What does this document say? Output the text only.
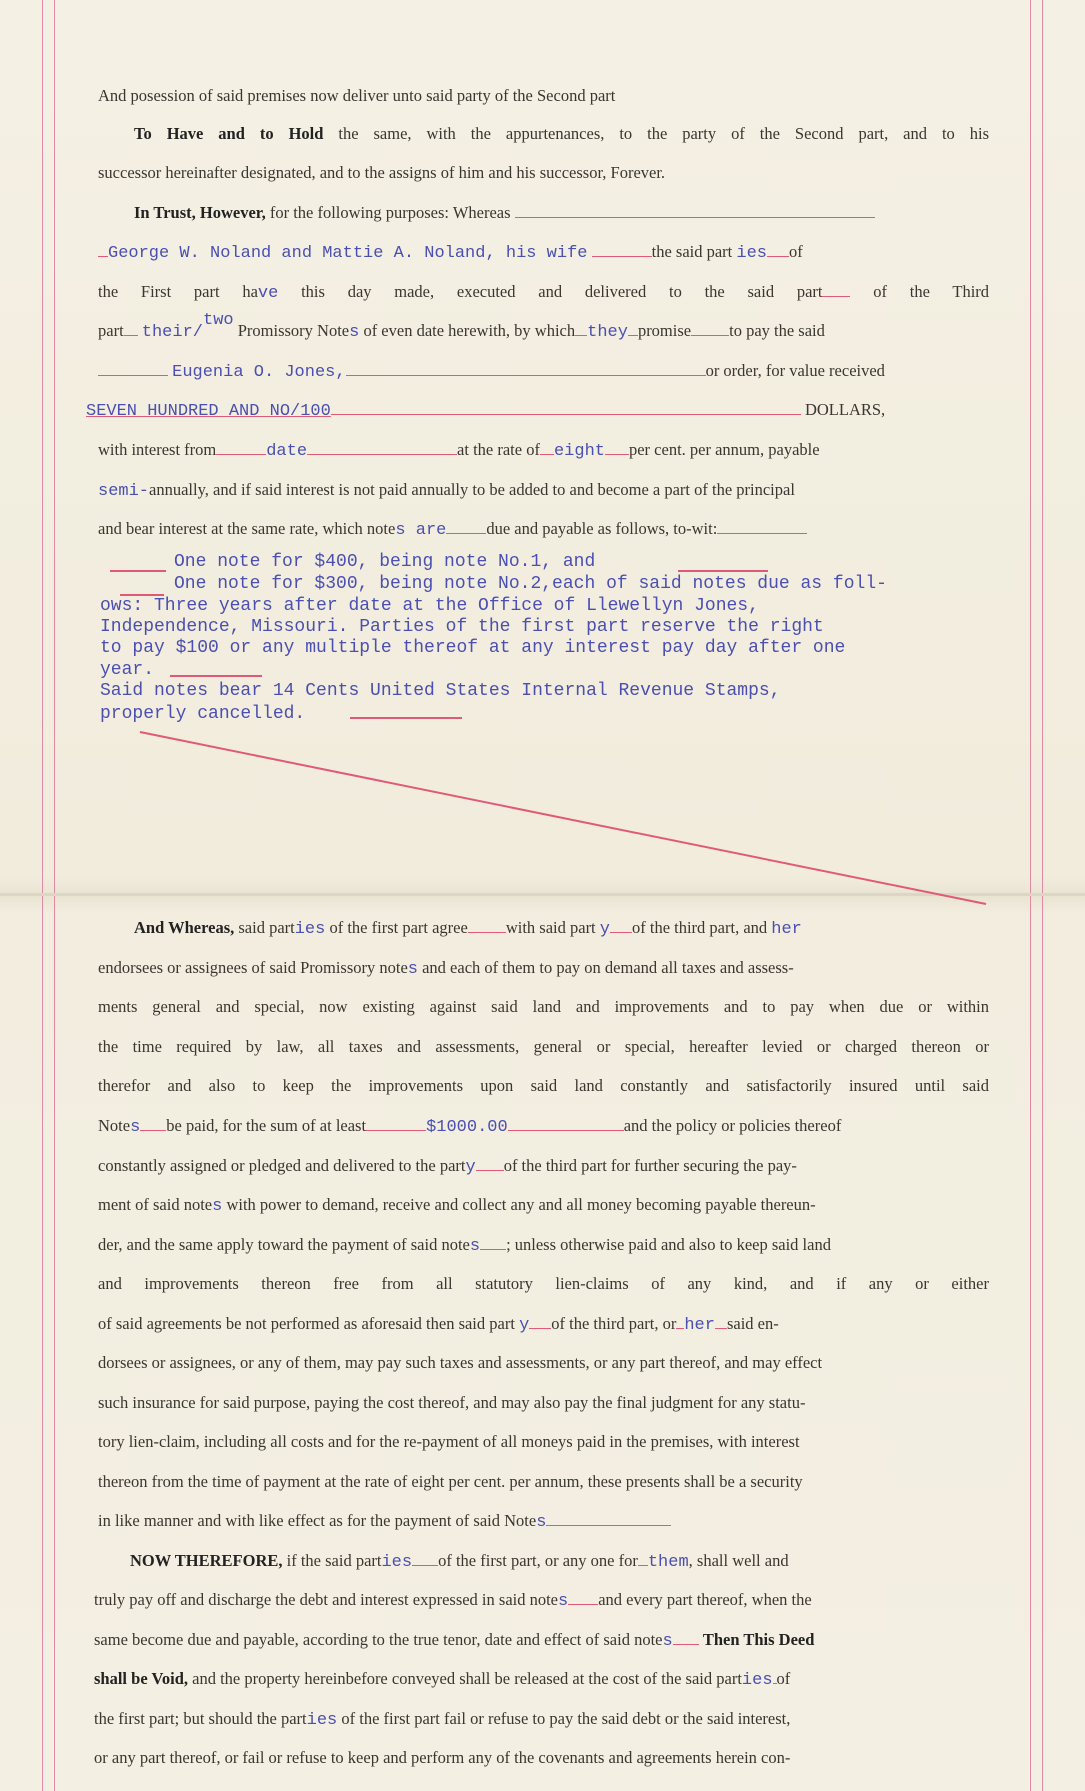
And posession of said premises now deliver unto said party of the Second part
To Have and to Hold the same, with the appurtenances, to the party of the Second part, and to his
successor hereinafter designated, and to the assigns of him and his successor, Forever.
In Trust, However, for the following purposes: Whereas
George W. Noland and Mattie A. Noland, his wife	the said part ies of
the First part have this day made, executed and delivered to the said part	of the Third
part their/two Promissory Notes of even date herewith, by which they promise to pay the said
Eugenia O. Jones,	or order, for value received
SEVEN HUNDRED AND NO/100	DOLLARS,
with interest from	date	at the rate of eight per cent. per annum, payable
semi-annually, and if said interest is not paid annually to be added to and become a part of the principal
and bear interest at the same rate, which notes are due and payable as follows, to-wit:
One note for $400, being note No.1, and
One note for $300, being note No.2,each of said notes due as foll-
ows: Three years after date at the Office of Llewellyn Jones,
Independence, Missouri. Parties of the first part reserve the right
to pay $100 or any multiple thereof at any interest pay day after one
year.
Said notes bear 14 Cents United States Internal Revenue Stamps,
properly cancelled.
And Whereas, said parties of the first part agree with said part y of the third part, and her
endorsees or assignees of said Promissory notes and each of them to pay on demand all taxes and assess-
ments general and special, now existing against said land and improvements and to pay when due or within
the time required by law, all taxes and assessments, general or special, hereafter levied or charged thereon or
therefor and also to keep the improvements upon said land constantly and satisfactorily insured until said
Notes be paid, for the sum of at least	$1000.00	and the policy or policies thereof
constantly assigned or pledged and delivered to the party of the third part for further securing the pay-
ment of said notes with power to demand, receive and collect any and all money becoming payable thereun-
der, and the same apply toward the payment of said notes ; unless otherwise paid and also to keep said land
and improvements thereon free from all statutory lien-claims of any kind, and if any or either
of said agreements be not performed as aforesaid then said part y of the third part, or her said en-
dorsees or assignees, or any of them, may pay such taxes and assessments, or any part thereof, and may effect
such insurance for said purpose, paying the cost thereof, and may also pay the final judgment for any statu-
tory lien-claim, including all costs and for the re-payment of all moneys paid in the premises, with interest
thereon from the time of payment at the rate of eight per cent. per annum, these presents shall be a security
in like manner and with like effect as for the payment of said Notes
NOW THEREFORE, if the said parties of the first part, or any one for them, shall well and
truly pay off and discharge the debt and interest expressed in said notes and every part thereof, when the
same become due and payable, according to the true tenor, date and effect of said notes Then This Deed
shall be Void, and the property hereinbefore conveyed shall be released at the cost of the said parties of
the first part; but should the parties of the first part fail or refuse to pay the said debt or the said interest,
or any part thereof, or fail or refuse to keep and perform any of the covenants and agreements herein con-
